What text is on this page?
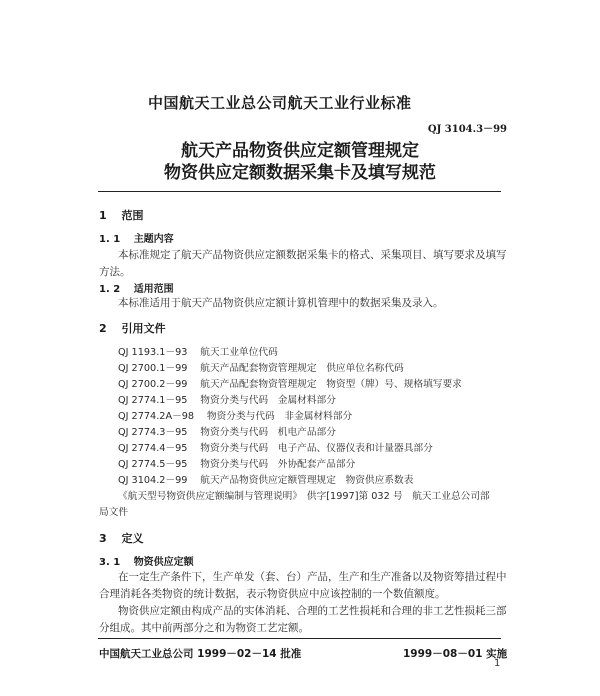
中国航天工业总公司航天工业行业标准
QJ 3104.3－99
航天产品物资供应定额管理规定
物资供应定额数据采集卡及填写规范
1　 范围
1. 1　 主题内容
本标准规定了航天产品物资供应定额数据采集卡的格式、采集项目、填写要求及填写
方法。
1. 2　 适用范围
本标准适用于航天产品物资供应定额计算机管理中的数据采集及录入。
2　 引用文件
QJ 1193.1－93　 航天工业单位代码
QJ 2700.1－99　 航天产品配套物资管理规定　供应单位名称代码
QJ 2700.2－99　 航天产品配套物资管理规定　物资型（牌）号、规格填写要求
QJ 2774.1－95　 物资分类与代码　金属材料部分
QJ 2774.2A－98　 物资分类与代码　非金属材料部分
QJ 2774.3－95　 物资分类与代码　机电产品部分
QJ 2774.4－95　 物资分类与代码　电子产品、仪器仪表和计量器具部分
QJ 2774.5－95　 物资分类与代码　外协配套产品部分
QJ 3104.2－99　 航天产品物资供应定额管理规定　物资供应系数表
《航天型号物资供应定额编制与管理说明》　供字[1997]第 032 号　航天工业总公司部
局文件
3　 定义
3. 1　 物资供应定额
在一定生产条件下，生产单发（套、台）产品，生产和生产准备以及物资筹措过程中
合理消耗各类物资的统计数据，表示物资供应中应该控制的一个数值额度。
物资供应定额由构成产品的实体消耗、合理的工艺性损耗和合理的非工艺性损耗三部
分组成。其中前两部分之和为物资工艺定额。
中国航天工业总公司 1999－02－14 批准	1999－08－01 实施
1
